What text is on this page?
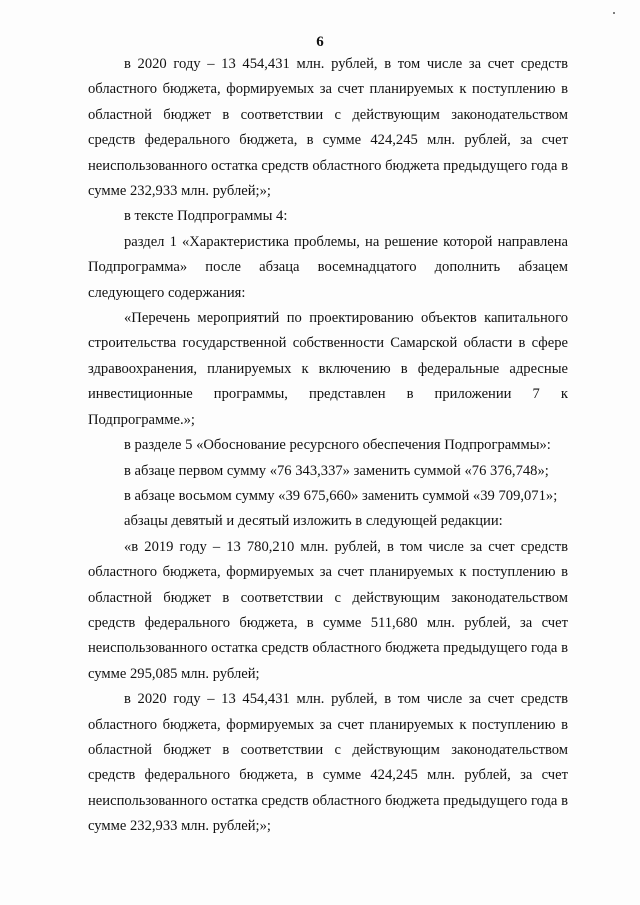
6

в 2020 году – 13 454,431 млн. рублей, в том числе за счет средств областного бюджета, формируемых за счет планируемых к поступлению в областной бюджет в соответствии с действующим законодательством средств федерального бюджета, в сумме 424,245 млн. рублей, за счет неиспользованного остатка средств областного бюджета предыдущего года в сумме 232,933 млн. рублей;»;

в тексте Подпрограммы 4:

раздел 1 «Характеристика проблемы, на решение которой направлена Подпрограмма» после абзаца восемнадцатого дополнить абзацем следующего содержания:

«Перечень мероприятий по проектированию объектов капитального строительства государственной собственности Самарской области в сфере здравоохранения, планируемых к включению в федеральные адресные инвестиционные программы, представлен в приложении 7 к Подпрограмме.»;

в разделе 5 «Обоснование ресурсного обеспечения Подпрограммы»:

в абзаце первом сумму «76 343,337» заменить суммой «76 376,748»;

в абзаце восьмом сумму «39 675,660» заменить суммой «39 709,071»;

абзацы девятый и десятый изложить в следующей редакции:

«в 2019 году – 13 780,210 млн. рублей, в том числе за счет средств областного бюджета, формируемых за счет планируемых к поступлению в областной бюджет в соответствии с действующим законодательством средств федерального бюджета, в сумме 511,680 млн. рублей, за счет неиспользованного остатка средств областного бюджета предыдущего года в сумме 295,085 млн. рублей;

в 2020 году – 13 454,431 млн. рублей, в том числе за счет средств областного бюджета, формируемых за счет планируемых к поступлению в областной бюджет в соответствии с действующим законодательством средств федерального бюджета, в сумме 424,245 млн. рублей, за счет неиспользованного остатка средств областного бюджета предыдущего года в сумме 232,933 млн. рублей;»;
